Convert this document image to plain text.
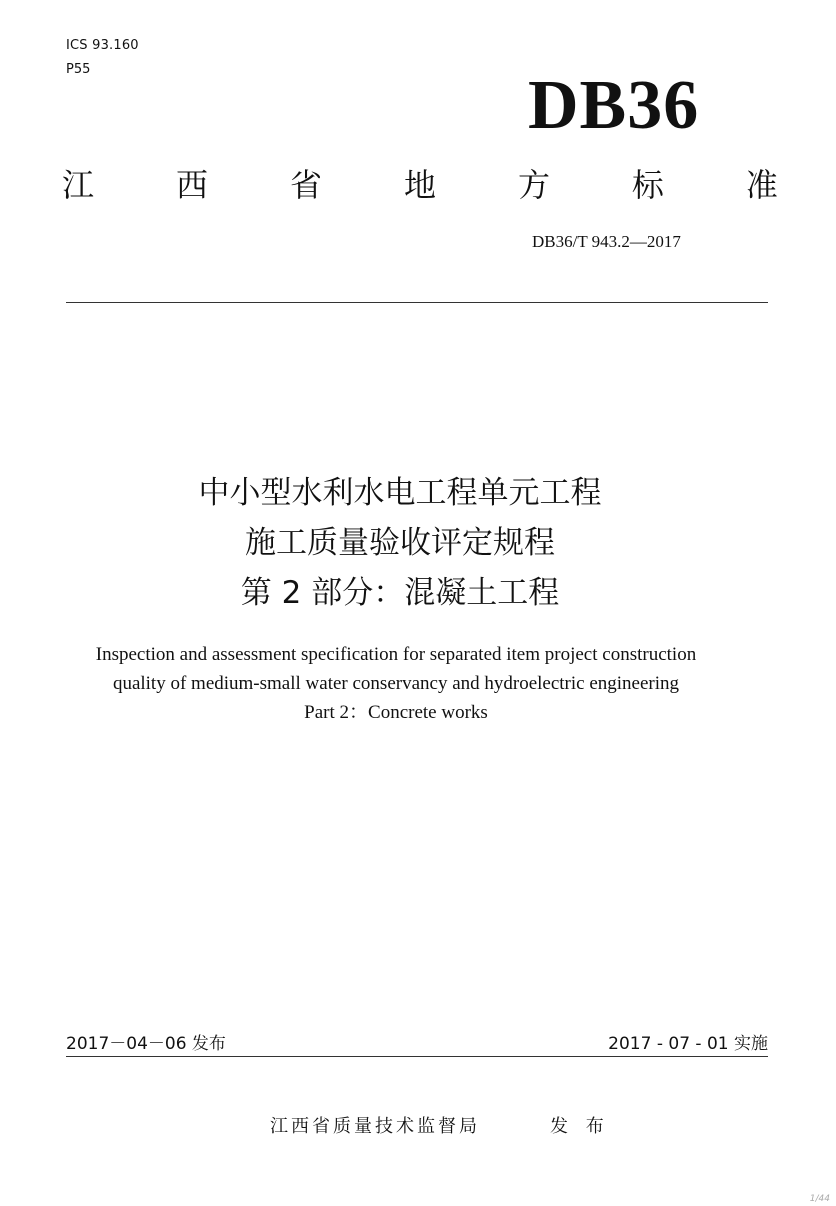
ICS 93.160
P55	DB36
江	西	省	地	方	标	准
DB36/T 943.2—2017
中小型水利水电工程单元工程
施工质量验收评定规程
第 2 部分：混凝土工程
Inspection and assessment specification for separated item project construction
quality of medium-small water conservancy and hydroelectric engineering
Part 2：Concrete works
2017－04－06 发布	2017 - 07 - 01 实施
江西省质量技术监督局	发 布
1/44
